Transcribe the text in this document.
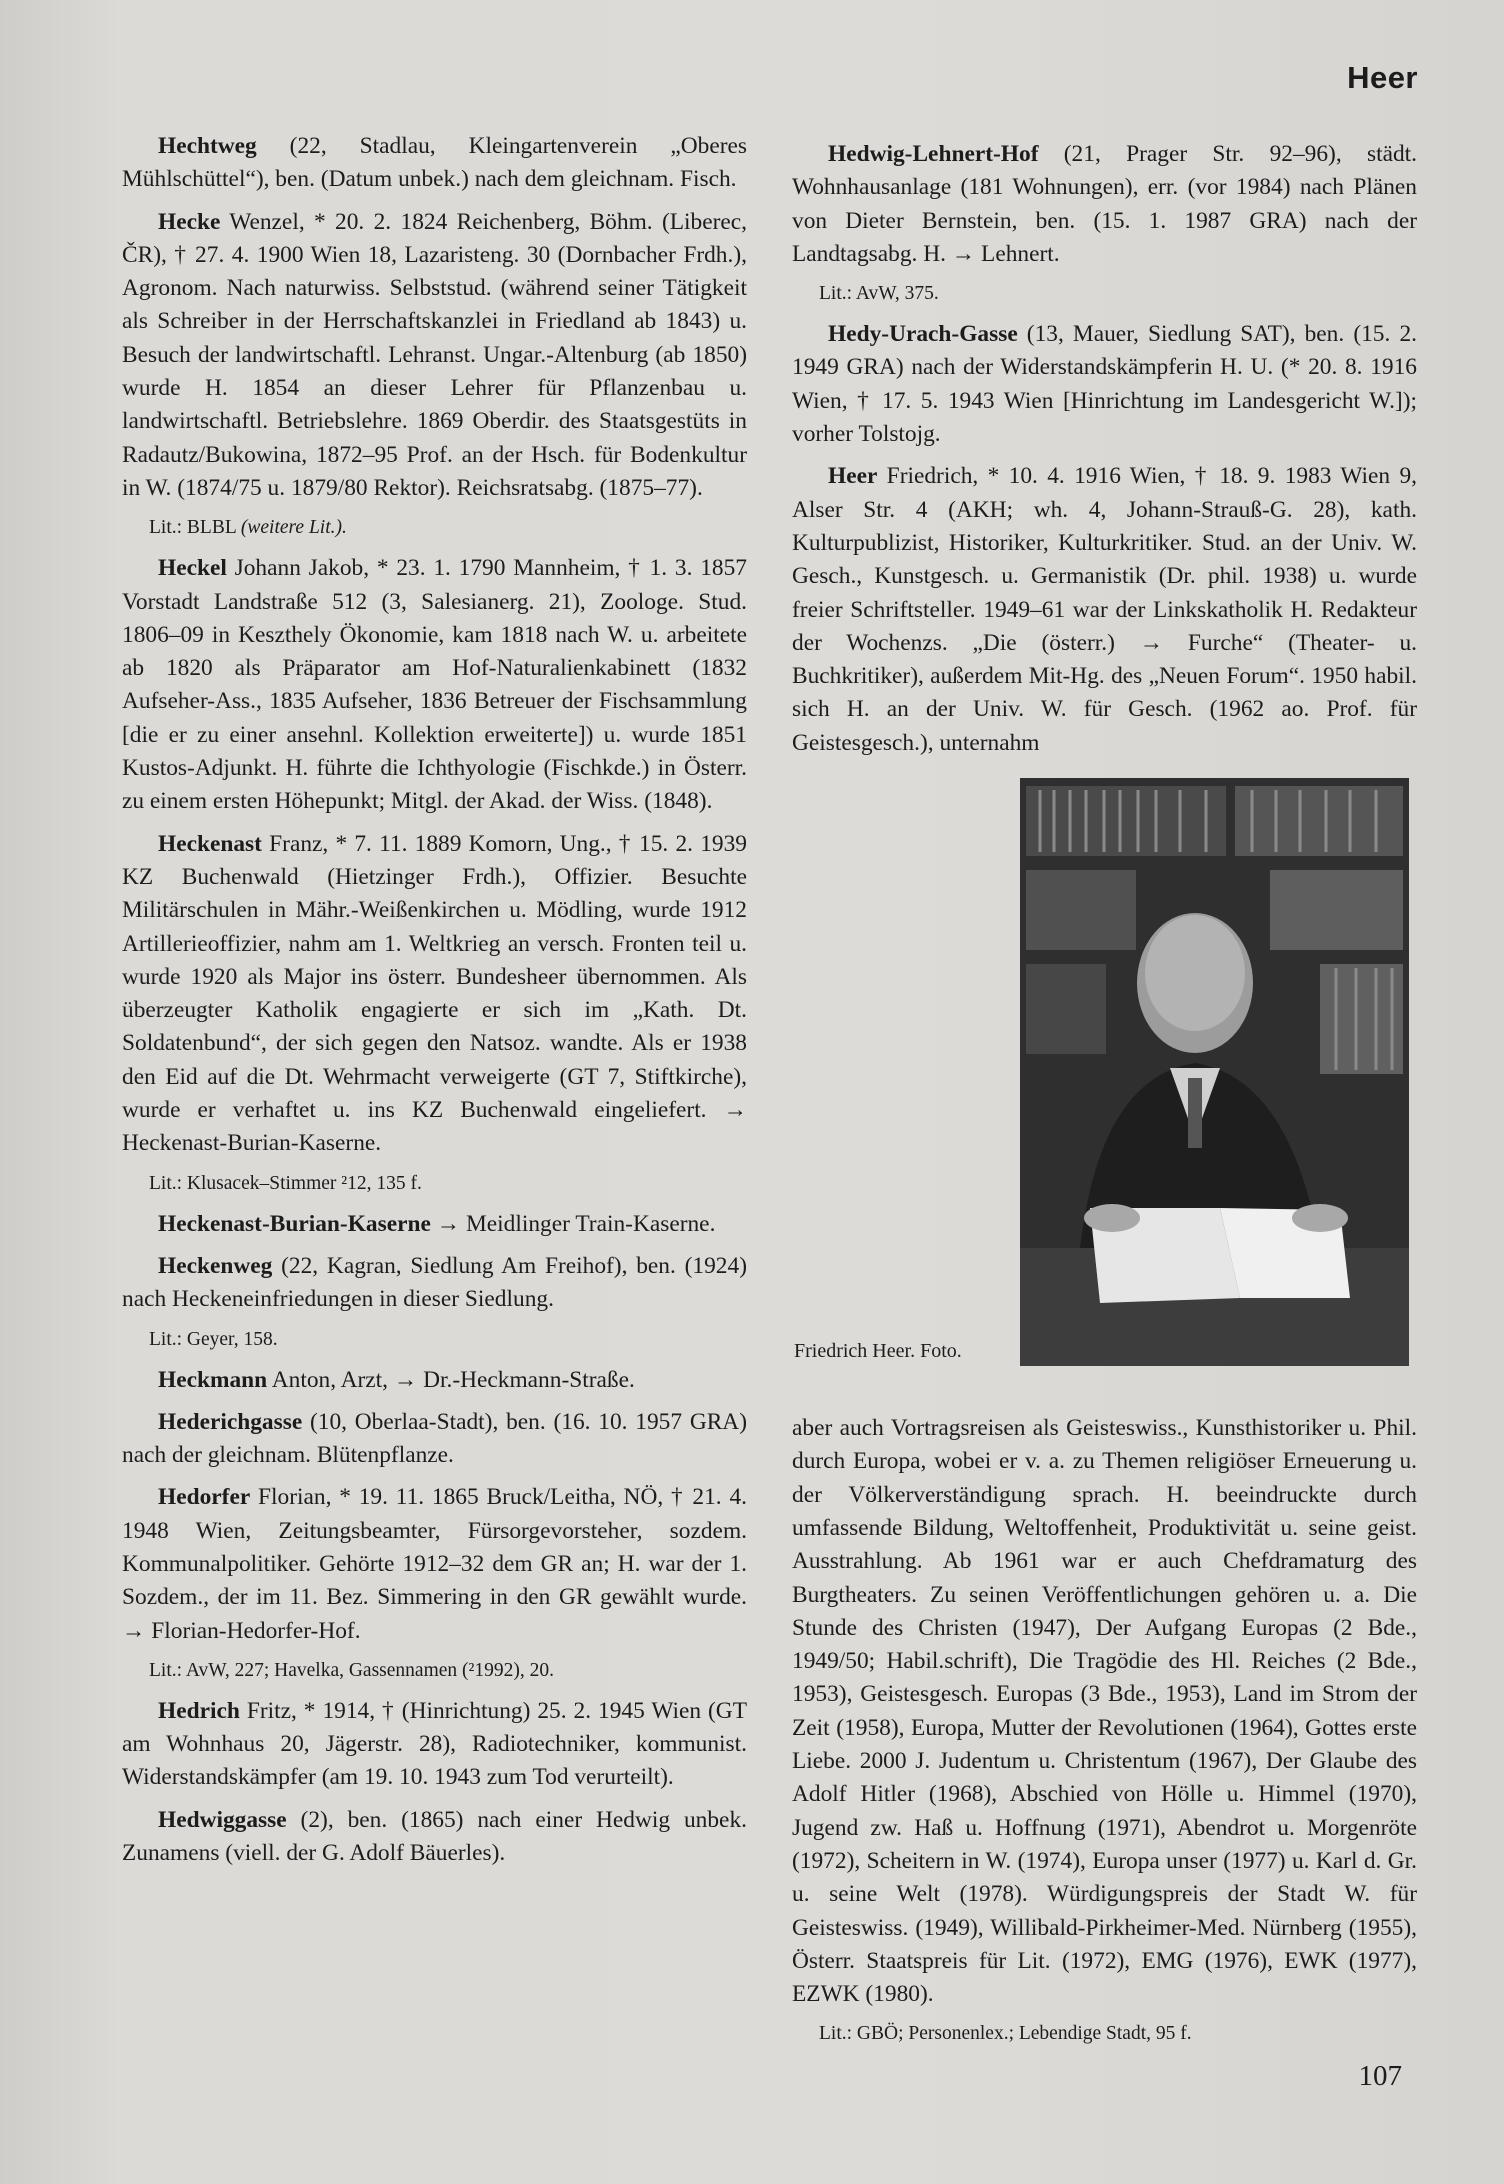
Heer

Hechtweg (22, Stadlau, Kleingartenverein „Oberes Mühlschüttel“), ben. (Datum unbek.) nach dem gleichnam. Fisch.

Hecke Wenzel, * 20. 2. 1824 Reichenberg, Böhm. (Liberec, ČR), † 27. 4. 1900 Wien 18, Lazaristeng. 30 (Dornbacher Frdh.), Agronom. Nach naturwiss. Selbststud. (während seiner Tätigkeit als Schreiber in der Herrschaftskanzlei in Friedland ab 1843) u. Besuch der landwirtschaftl. Lehranst. Ungar.-Altenburg (ab 1850) wurde H. 1854 an dieser Lehrer für Pflanzenbau u. landwirtschaftl. Betriebslehre. 1869 Oberdir. des Staatsgestüts in Radautz/Bukowina, 1872–95 Prof. an der Hsch. für Bodenkultur in W. (1874/75 u. 1879/80 Rektor). Reichsratsabg. (1875–77).

Lit.: BLBL (weitere Lit.).

Heckel Johann Jakob, * 23. 1. 1790 Mannheim, † 1. 3. 1857 Vorstadt Landstraße 512 (3, Salesianerg. 21), Zoologe. Stud. 1806–09 in Keszthely Ökonomie, kam 1818 nach W. u. arbeitete ab 1820 als Präparator am Hof-Naturalienkabinett (1832 Aufseher-Ass., 1835 Aufseher, 1836 Betreuer der Fischsammlung [die er zu einer ansehnl. Kollektion erweiterte]) u. wurde 1851 Kustos-Adjunkt. H. führte die Ichthyologie (Fischkde.) in Österr. zu einem ersten Höhepunkt; Mitgl. der Akad. der Wiss. (1848).

Heckenast Franz, * 7. 11. 1889 Komorn, Ung., † 15. 2. 1939 KZ Buchenwald (Hietzinger Frdh.), Offizier. Besuchte Militärschulen in Mähr.-Weißenkirchen u. Mödling, wurde 1912 Artillerieoffizier, nahm am 1. Weltkrieg an versch. Fronten teil u. wurde 1920 als Major ins österr. Bundesheer übernommen. Als überzeugter Katholik engagierte er sich im „Kath. Dt. Soldatenbund“, der sich gegen den Natsoz. wandte. Als er 1938 den Eid auf die Dt. Wehrmacht verweigerte (GT 7, Stiftkirche), wurde er verhaftet u. ins KZ Buchenwald eingeliefert. → Heckenast-Burian-Kaserne.

Lit.: Klusacek–Stimmer ²12, 135 f.

Heckenast-Burian-Kaserne → Meidlinger Train-Kaserne.

Heckenweg (22, Kagran, Siedlung Am Freihof), ben. (1924) nach Heckeneinfriedungen in dieser Siedlung.

Lit.: Geyer, 158.

Heckmann Anton, Arzt, → Dr.-Heckmann-Straße.

Hederichgasse (10, Oberlaa-Stadt), ben. (16. 10. 1957 GRA) nach der gleichnam. Blütenpflanze.

Hedorfer Florian, * 19. 11. 1865 Bruck/Leitha, NÖ, † 21. 4. 1948 Wien, Zeitungsbeamter, Fürsorgevorsteher, sozdem. Kommunalpolitiker. Gehörte 1912–32 dem GR an; H. war der 1. Sozdem., der im 11. Bez. Simmering in den GR gewählt wurde. → Florian-Hedorfer-Hof.

Lit.: AvW, 227; Havelka, Gassennamen (²1992), 20.

Hedrich Fritz, * 1914, † (Hinrichtung) 25. 2. 1945 Wien (GT am Wohnhaus 20, Jägerstr. 28), Radiotechniker, kommunist. Widerstandskämpfer (am 19. 10. 1943 zum Tod verurteilt).

Hedwiggasse (2), ben. (1865) nach einer Hedwig unbek. Zunamens (viell. der G. Adolf Bäuerles).

Hedwig-Lehnert-Hof (21, Prager Str. 92–96), städt. Wohnhausanlage (181 Wohnungen), err. (vor 1984) nach Plänen von Dieter Bernstein, ben. (15. 1. 1987 GRA) nach der Landtagsabg. H. → Lehnert.

Lit.: AvW, 375.

Hedy-Urach-Gasse (13, Mauer, Siedlung SAT), ben. (15. 2. 1949 GRA) nach der Widerstandskämpferin H. U. (* 20. 8. 1916 Wien, † 17. 5. 1943 Wien [Hinrichtung im Landesgericht W.]); vorher Tolstojg.

Heer Friedrich, * 10. 4. 1916 Wien, † 18. 9. 1983 Wien 9, Alser Str. 4 (AKH; wh. 4, Johann-Strauß-G. 28), kath. Kulturpublizist, Historiker, Kulturkritiker. Stud. an der Univ. W. Gesch., Kunstgesch. u. Germanistik (Dr. phil. 1938) u. wurde freier Schriftsteller. 1949–61 war der Linkskatholik H. Redakteur der Wochenzs. „Die (österr.) → Furche“ (Theater- u. Buchkritiker), außerdem Mit-Hg. des „Neuen Forum“. 1950 habil. sich H. an der Univ. W. für Gesch. (1962 ao. Prof. für Geistesgesch.), unternahm

Friedrich Heer. Foto.

aber auch Vortragsreisen als Geisteswiss., Kunsthistoriker u. Phil. durch Europa, wobei er v. a. zu Themen religiöser Erneuerung u. der Völkerverständigung sprach. H. beeindruckte durch umfassende Bildung, Weltoffenheit, Produktivität u. seine geist. Ausstrahlung. Ab 1961 war er auch Chefdramaturg des Burgtheaters. Zu seinen Veröffentlichungen gehören u. a. Die Stunde des Christen (1947), Der Aufgang Europas (2 Bde., 1949/50; Habil.schrift), Die Tragödie des Hl. Reiches (2 Bde., 1953), Geistesgesch. Europas (3 Bde., 1953), Land im Strom der Zeit (1958), Europa, Mutter der Revolutionen (1964), Gottes erste Liebe. 2000 J. Judentum u. Christentum (1967), Der Glaube des Adolf Hitler (1968), Abschied von Hölle u. Himmel (1970), Jugend zw. Haß u. Hoffnung (1971), Abendrot u. Morgenröte (1972), Scheitern in W. (1974), Europa unser (1977) u. Karl d. Gr. u. seine Welt (1978). Würdigungspreis der Stadt W. für Geisteswiss. (1949), Willibald-Pirkheimer-Med. Nürnberg (1955), Österr. Staatspreis für Lit. (1972), EMG (1976), EWK (1977), EZWK (1980).

Lit.: GBÖ; Personenlex.; Lebendige Stadt, 95 f.
107
